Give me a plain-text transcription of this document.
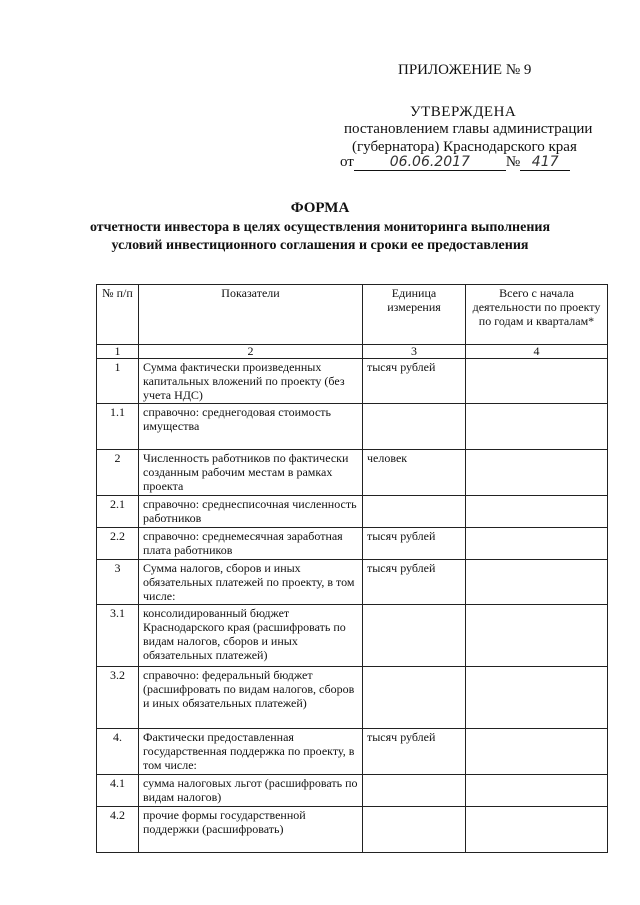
ПРИЛОЖЕНИЕ № 9
УТВЕРЖДЕНА
постановлением главы администрации
(губернатора) Краснодарского края
от	06.06.2017 № 417
ФОРМА
отчетности инвестора в целях осуществления мониторинга выполнения
условий инвестиционного соглашения и сроки ее предоставления
№ п/п	Показатели	Единица измерения	Всего с начала деятельности по проекту по годам и кварталам*
1	2	3	4
1	Сумма фактически произведенных капитальных вложений по проекту (без учета НДС)	тысяч рублей	
1.1	справочно: среднегодовая стоимость имущества		
2	Численность работников по фактически созданным рабочим местам в рамках проекта	человек	
2.1	справочно: среднесписочная численность работников		
2.2	справочно: среднемесячная заработная плата работников	тысяч рублей	
3	Сумма налогов, сборов и иных обязательных платежей по проекту, в том числе:	тысяч рублей	
3.1	консолидированный бюджет Краснодарского края (расшифровать по видам налогов, сборов и иных обязательных платежей)		
3.2	справочно: федеральный бюджет (расшифровать по видам налогов, сборов и иных обязательных платежей)		
4.	Фактически предоставленная государственная поддержка по проекту, в том числе:	тысяч рублей	
4.1	сумма налоговых льгот (расшифровать по видам налогов)		
4.2	прочие формы государственной поддержки (расшифровать)		
